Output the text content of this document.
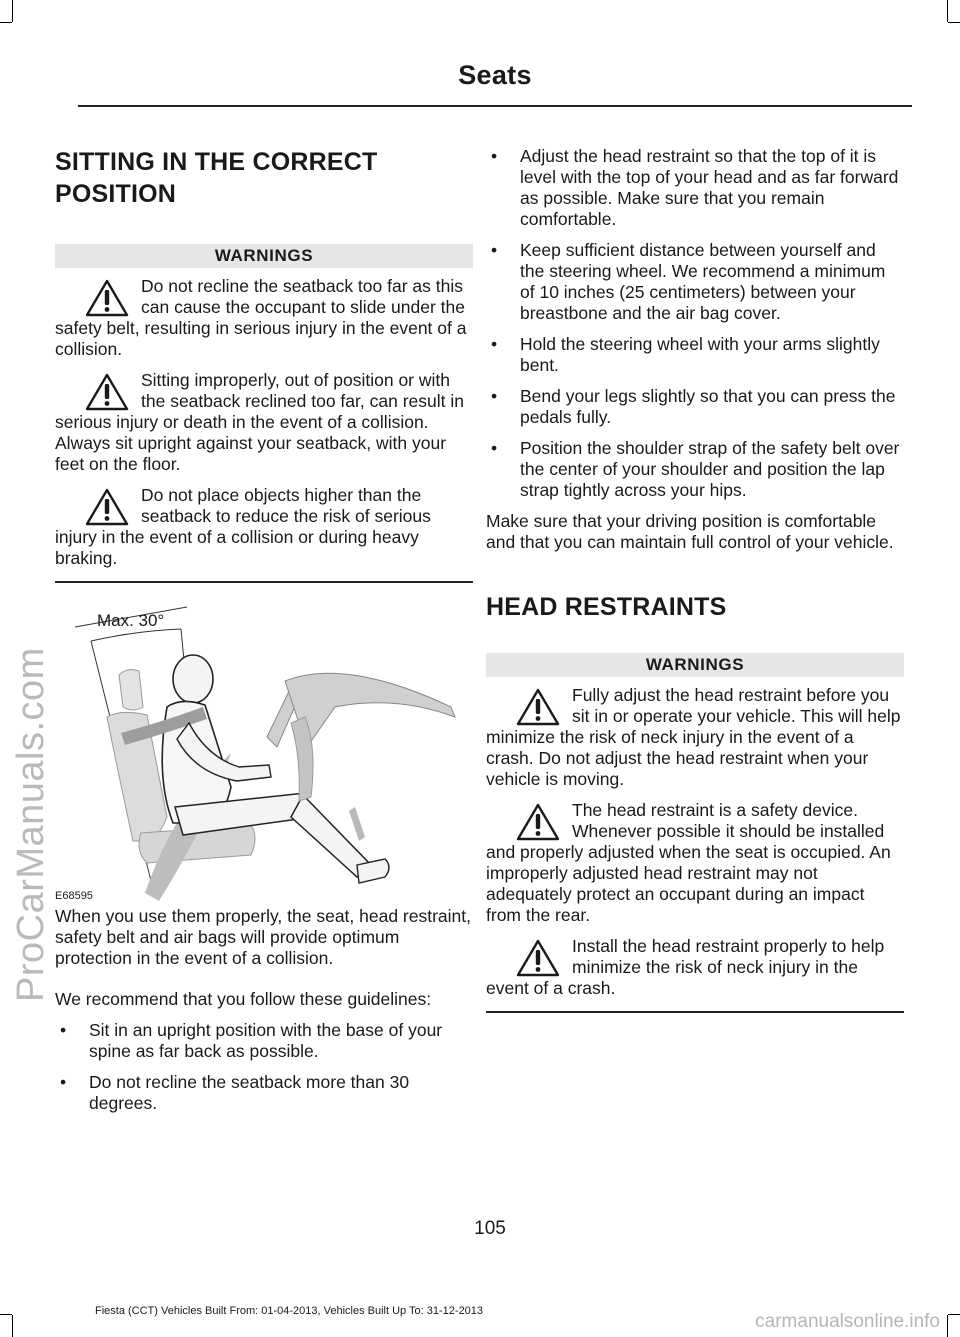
Seats
ProCarManuals.com
SITTING IN THE CORRECT
POSITION
WARNINGS
Do not recline the seatback too far as this can cause the occupant to slide under the safety belt, resulting in serious injury in the event of a collision.
Sitting improperly, out of position or with the seatback reclined too far, can result in serious injury or death in the event of a collision. Always sit upright against your seatback, with your feet on the floor.
Do not place objects higher than the seatback to reduce the risk of serious injury in the event of a collision or during heavy braking.
Max. 30°
E68595

When you use them properly, the seat, head restraint, safety belt and air bags will provide optimum protection in the event of a collision.

We recommend that you follow these guidelines:

• Sit in an upright position with the base of your spine as far back as possible.
• Do not recline the seatback more than 30 degrees.
• Adjust the head restraint so that the top of it is level with the top of your head and as far forward as possible. Make sure that you remain comfortable.
• Keep sufficient distance between yourself and the steering wheel. We recommend a minimum of 10 inches (25 centimeters) between your breastbone and the air bag cover.
• Hold the steering wheel with your arms slightly bent.
• Bend your legs slightly so that you can press the pedals fully.
• Position the shoulder strap of the safety belt over the center of your shoulder and position the lap strap tightly across your hips.

Make sure that your driving position is comfortable and that you can maintain full control of your vehicle.

HEAD RESTRAINTS
WARNINGS
Fully adjust the head restraint before you sit in or operate your vehicle. This will help minimize the risk of neck injury in the event of a crash. Do not adjust the head restraint when your vehicle is moving.
The head restraint is a safety device. Whenever possible it should be installed and properly adjusted when the seat is occupied. An improperly adjusted head restraint may not adequately protect an occupant during an impact from the rear.
Install the head restraint properly to help minimize the risk of neck injury in the event of a crash.
105
Fiesta (CCT) Vehicles Built From: 01-04-2013, Vehicles Built Up To: 31-12-2013	carmanualsonline.info
